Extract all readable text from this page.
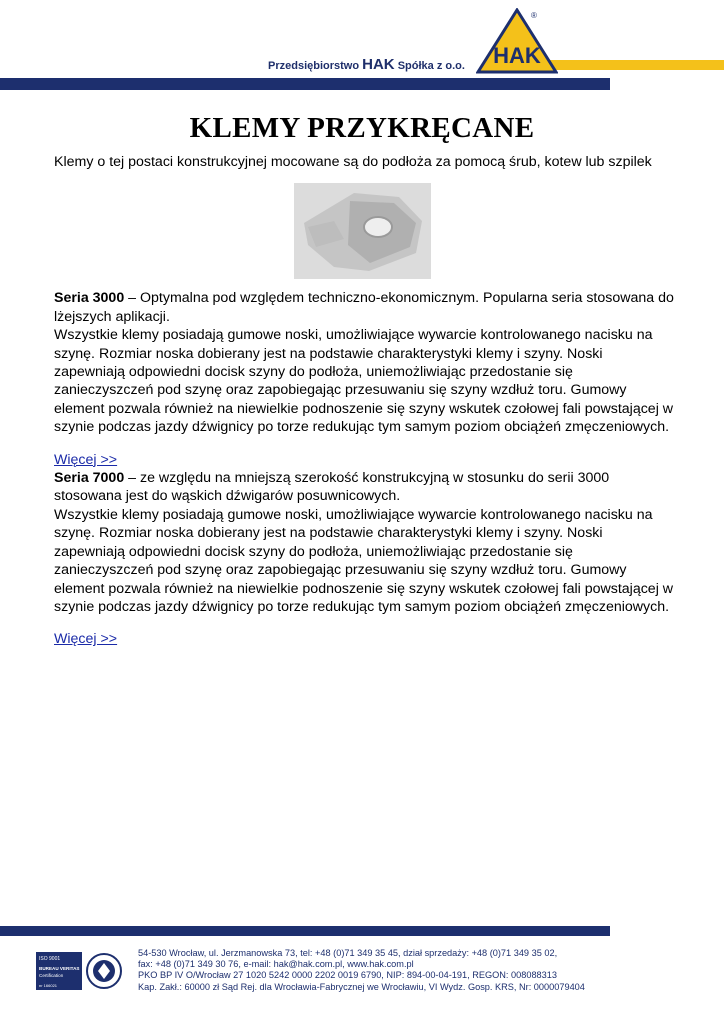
Przedsiębiorstwo HAK Spółka z o.o. HAK
®
KLEMY PRZYKRĘCANE

Klemy o tej postaci konstrukcyjnej mocowane są do podłoża za pomocą śrub, kotew lub szpilek

Seria 3000 – Optymalna pod względem techniczno-ekonomicznym. Popularna seria stosowana do lżejszych aplikacji.

Wszystkie klemy posiadają gumowe noski, umożliwiające wywarcie kontrolowanego nacisku na szynę. Rozmiar noska dobierany jest na podstawie charakterystyki klemy i szyny. Noski zapewniają odpowiedni docisk szyny do podłoża, uniemożliwiając przedostanie się zanieczyszczeń pod szynę oraz zapobiegając przesuwaniu się szyny wzdłuż toru. Gumowy element pozwala również na niewielkie podnoszenie się szyny wskutek czołowej fali powstającej w szynie podczas jazdy dźwignicy po torze redukując tym samym poziom obciążeń zmęczeniowych.

Więcej >>

Seria 7000 – ze względu na mniejszą szerokość konstrukcyjną w stosunku do serii 3000 stosowana jest do wąskich dźwigarów posuwnicowych.

Wszystkie klemy posiadają gumowe noski, umożliwiające wywarcie kontrolowanego nacisku na szynę. Rozmiar noska dobierany jest na podstawie charakterystyki klemy i szyny. Noski zapewniają odpowiedni docisk szyny do podłoża, uniemożliwiając przedostanie się zanieczyszczeń pod szynę oraz zapobiegając przesuwaniu się szyny wzdłuż toru. Gumowy element pozwala również na niewielkie podnoszenie się szyny wskutek czołowej fali powstającej w szynie podczas jazdy dźwignicy po torze redukując tym samym poziom obciążeń zmęczeniowych.

Więcej >>

ISO 9001
BUREAU VERITAS
Certification
nr 166021
54-530 Wrocław, ul. Jerzmanowska 73, tel: +48 (0)71 349 35 45, dział sprzedaży: +48 (0)71 349 35 02,
fax: +48 (0)71 349 30 76, e-mail: hak@hak.com.pl, www.hak.com.pl
PKO BP IV O/Wrocław 27 1020 5242 0000 2202 0019 6790, NIP: 894-00-04-191, REGON: 008088313
Kap. Zakł.: 60000 zł Sąd Rej. dla Wrocławia-Fabrycznej we Wrocławiu, VI Wydz. Gosp. KRS, Nr: 0000079404
